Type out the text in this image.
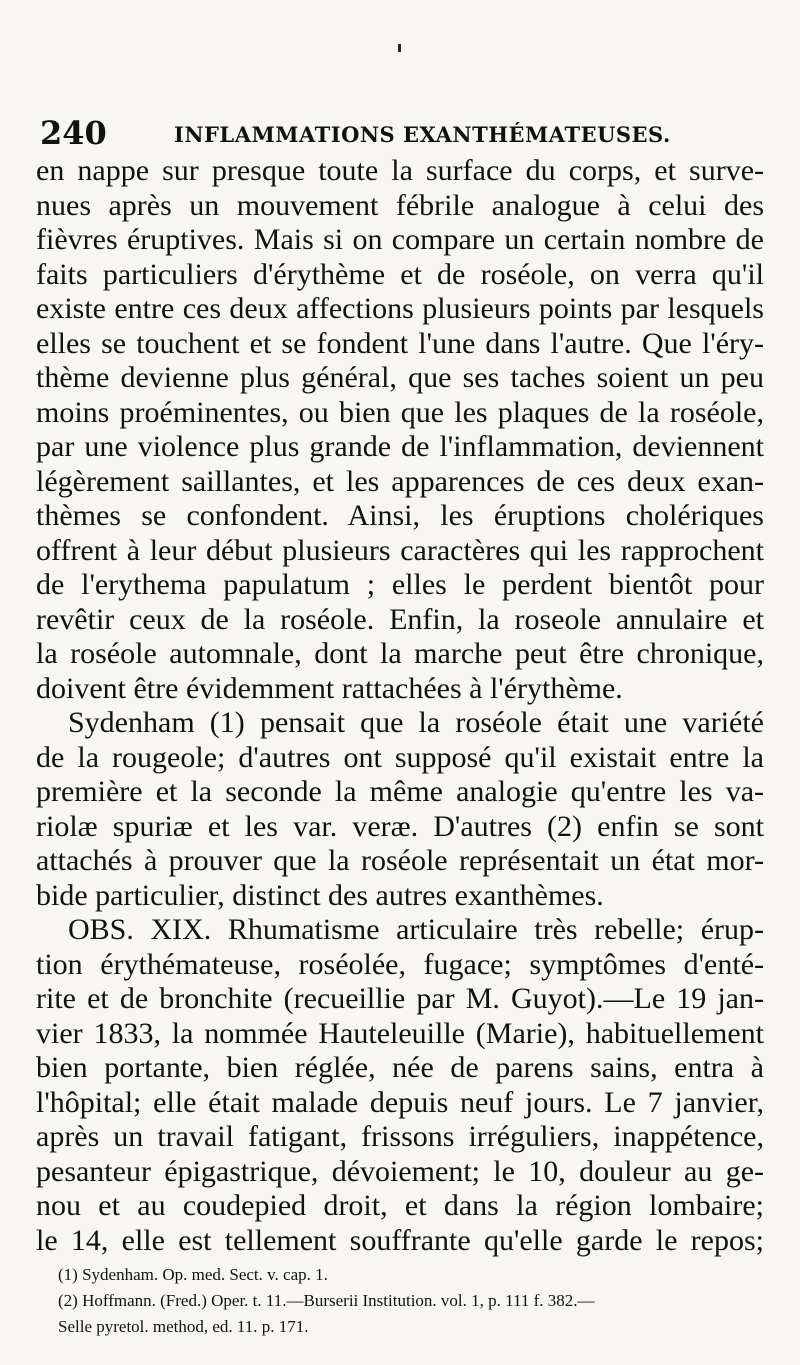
240	INFLAMMATIONS EXANTHÉMATEUSES.
en nappe sur presque toute la surface du corps, et surve-
nues après un mouvement fébrile analogue à celui des
fièvres éruptives. Mais si on compare un certain nombre de
faits particuliers d'érythème et de roséole, on verra qu'il
existe entre ces deux affections plusieurs points par lesquels
elles se touchent et se fondent l'une dans l'autre. Que l'éry-
thème devienne plus général, que ses taches soient un peu
moins proéminentes, ou bien que les plaques de la roséole,
par une violence plus grande de l'inflammation, deviennent
légèrement saillantes, et les apparences de ces deux exan-
thèmes se confondent. Ainsi, les éruptions cholériques
offrent à leur début plusieurs caractères qui les rapprochent
de l'erythema papulatum ; elles le perdent bientôt pour
revêtir ceux de la roséole. Enfin, la roseole annulaire et
la roséole automnale, dont la marche peut être chronique,
doivent être évidemment rattachées à l'érythème.
Sydenham (1) pensait que la roséole était une variété
de la rougeole; d'autres ont supposé qu'il existait entre la
première et la seconde la même analogie qu'entre les va-
riolæ spuriæ et les var. veræ. D'autres (2) enfin se sont
attachés à prouver que la roséole représentait un état mor-
bide particulier, distinct des autres exanthèmes.
OBS. XIX. Rhumatisme articulaire très rebelle; érup-
tion érythémateuse, roséolée, fugace; symptômes d'enté-
rite et de bronchite (recueillie par M. Guyot).—Le 19 jan-
vier 1833, la nommée Hauteleuille (Marie), habituellement
bien portante, bien réglée, née de parens sains, entra à
l'hôpital; elle était malade depuis neuf jours. Le 7 janvier,
après un travail fatigant, frissons irréguliers, inappétence,
pesanteur épigastrique, dévoiement; le 10, douleur au ge-
nou et au coudepied droit, et dans la région lombaire;
le 14, elle est tellement souffrante qu'elle garde le repos;
(1) Sydenham. Op. med. Sect. v. cap. 1.
(2) Hoffmann. (Fred.) Oper. t. 11.—Burserii Institution. vol. 1, p. 111 f. 382.—
Selle pyretol. method, ed. 11. p. 171.
